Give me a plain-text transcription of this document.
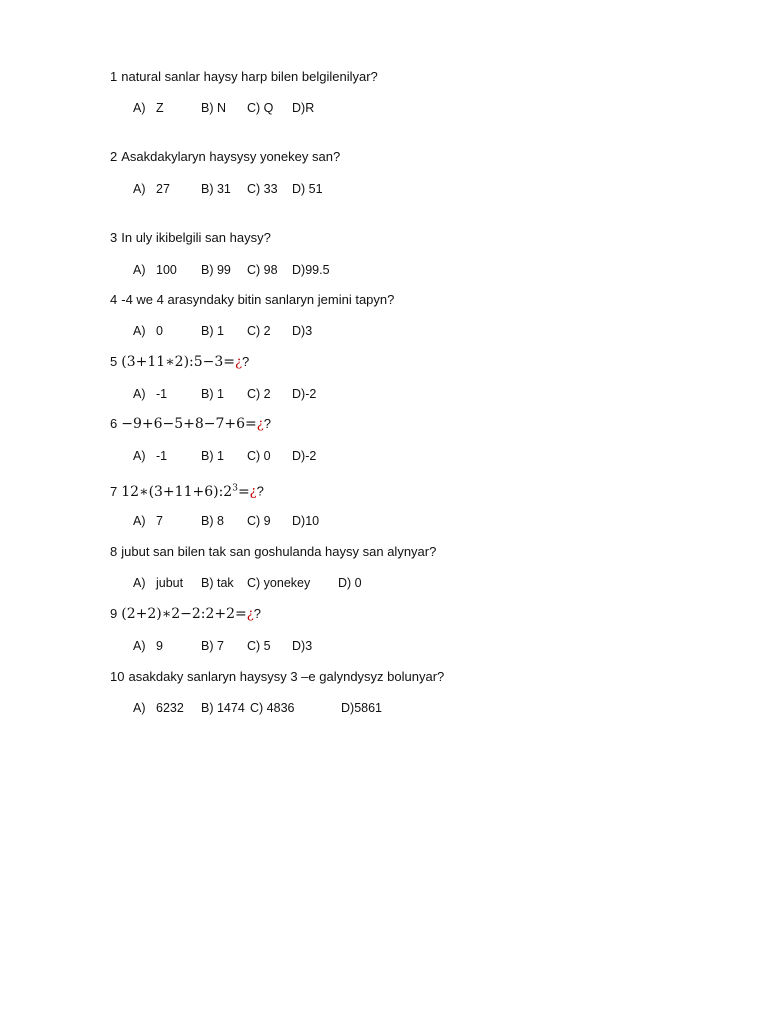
1 natural sanlar haysy harp bilen belgilenilyar?
A) Z	B) N C) Q D)R
2 Asakdakylaryn haysysy yonekey san?
A) 27 B) 31 C) 33 D) 51
3 In uly ikibelgili san haysy?
A) 100 B) 99 C) 98 D)99.5
4 -4 we 4 arasyndaky bitin sanlaryn jemini tapyn?
A) 0	B) 1 C) 2 D)3
5 (3+11∗2):5−3=¿?
A) -1	B) 1 C) 2 D)-2
6 −9+6−5+8−7+6=¿?
A) -1	B) 1 C) 0 D)-2
7 $12∗(3+11+6):2^3=¿$?
A) 7	B) 8 C) 9 D)10
8 jubut san bilen tak san goshulanda haysy san alynyar?
A) jubut B) tak C) yonekey D) 0
9 (2+2)∗2−2:2+2=¿?
A) 9	B) 7 C) 5 D)3
10 asakdaky sanlaryn haysysy 3 –e galyndysyz bolunyar?
A) 6232 B) 1474 C) 4836	D)5861
